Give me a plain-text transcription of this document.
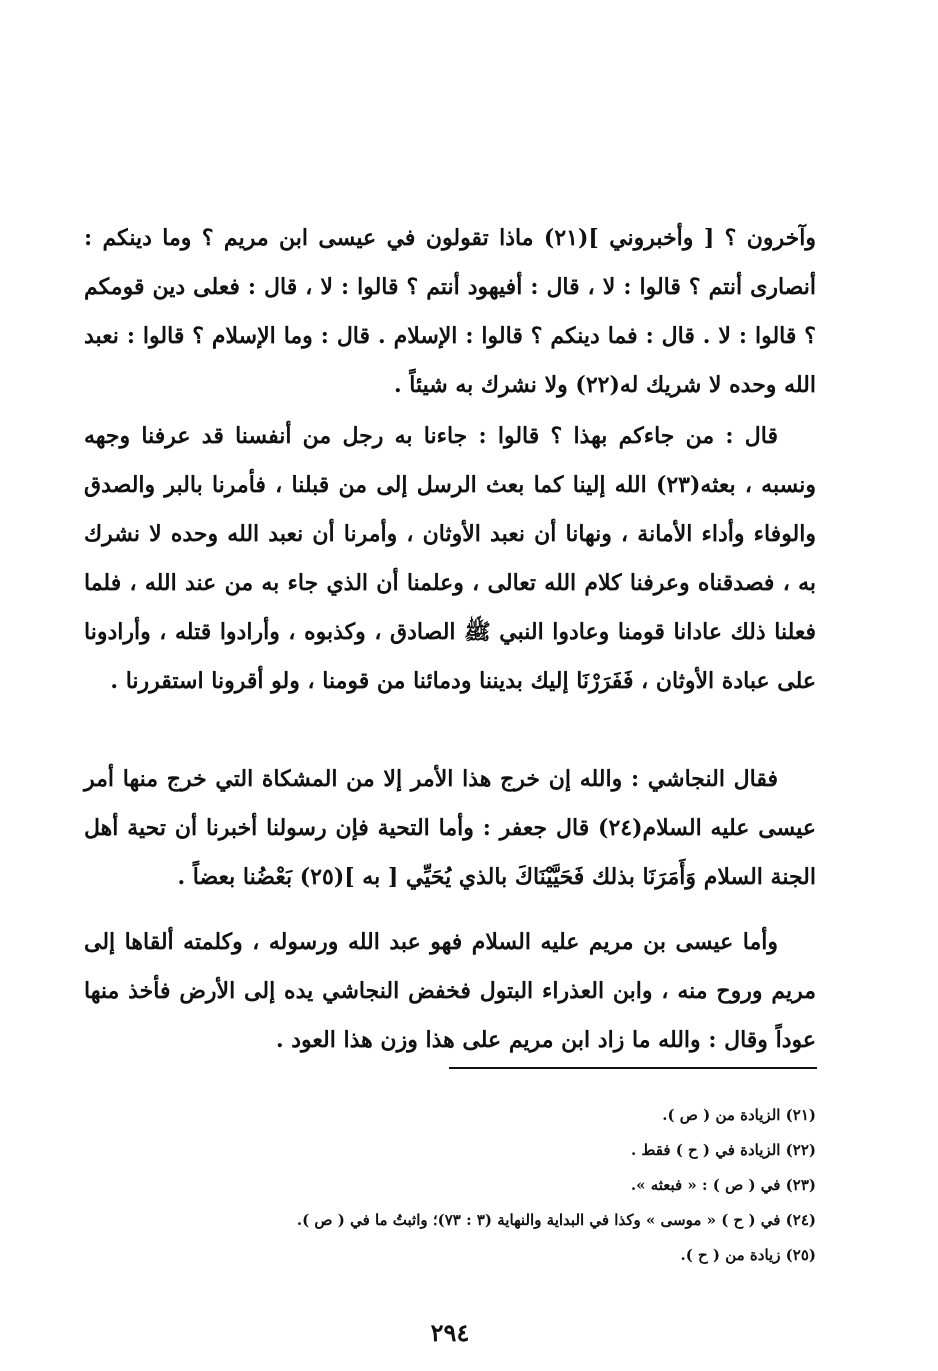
وآخرون ؟ [ وأخبروني ](٢١) ماذا تقولون في عيسى ابن مريم ؟ وما دينكم : أنصارى أنتم ؟ قالوا : لا ، قال : أفيهود أنتم ؟ قالوا : لا ، قال : فعلى دين قومكم ؟ قالوا : لا . قال : فما دينكم ؟ قالوا : الإسلام . قال : وما الإسلام ؟ قالوا : نعبد الله وحده لا شريك له(٢٢) ولا نشرك به شيئاً .

قال : من جاءكم بهذا ؟ قالوا : جاءنا به رجل من أنفسنا قد عرفنا وجهه ونسبه ، بعثه(٢٣) الله إلينا كما بعث الرسل إلى من قبلنا ، فأمرنا بالبر والصدق والوفاء وأداء الأمانة ، ونهانا أن نعبد الأوثان ، وأمرنا أن نعبد الله وحده لا نشرك به ، فصدقناه وعرفنا كلام الله تعالى ، وعلمنا أن الذي جاء به من عند الله ، فلما فعلنا ذلك عادانا قومنا وعادوا النبي ﷺ الصادق ، وكذبوه ، وأرادوا قتله ، وأرادونا على عبادة الأوثان ، فَفَرَرْنَا إليك بديننا ودمائنا من قومنا ، ولو أقرونا استقررنا .

فقال النجاشي : والله إن خرج هذا الأمر إلا من المشكاة التي خرج منها أمر عيسى عليه السلام(٢٤) قال جعفر : وأما التحية فإن رسولنا أخبرنا أن تحية أهل الجنة السلام وَأَمَرَنَا بذلك فَحَيَّيْنَاكَ بالذي يُحَيِّي [ به ](٢٥) بَعْضُنا بعضاً .

وأما عيسى بن مريم عليه السلام فهو عبد الله ورسوله ، وكلمته ألقاها إلى مريم وروح منه ، وابن العذراء البتول فخفض النجاشي يده إلى الأرض فأخذ منها عوداً وقال : والله ما زاد ابن مريم على هذا وزن هذا العود .

(٢١) الزيادة من ( ص ).
(٢٢) الزيادة في ( ح ) فقط .
(٢٣) في ( ص ) : « فبعثه ».
(٢٤) في ( ح ) « موسى » وكذا في البداية والنهاية (٣ : ٧٣)؛ واثبتُ ما في ( ص ).
(٢٥) زيادة من ( ح ).
٢٩٤
